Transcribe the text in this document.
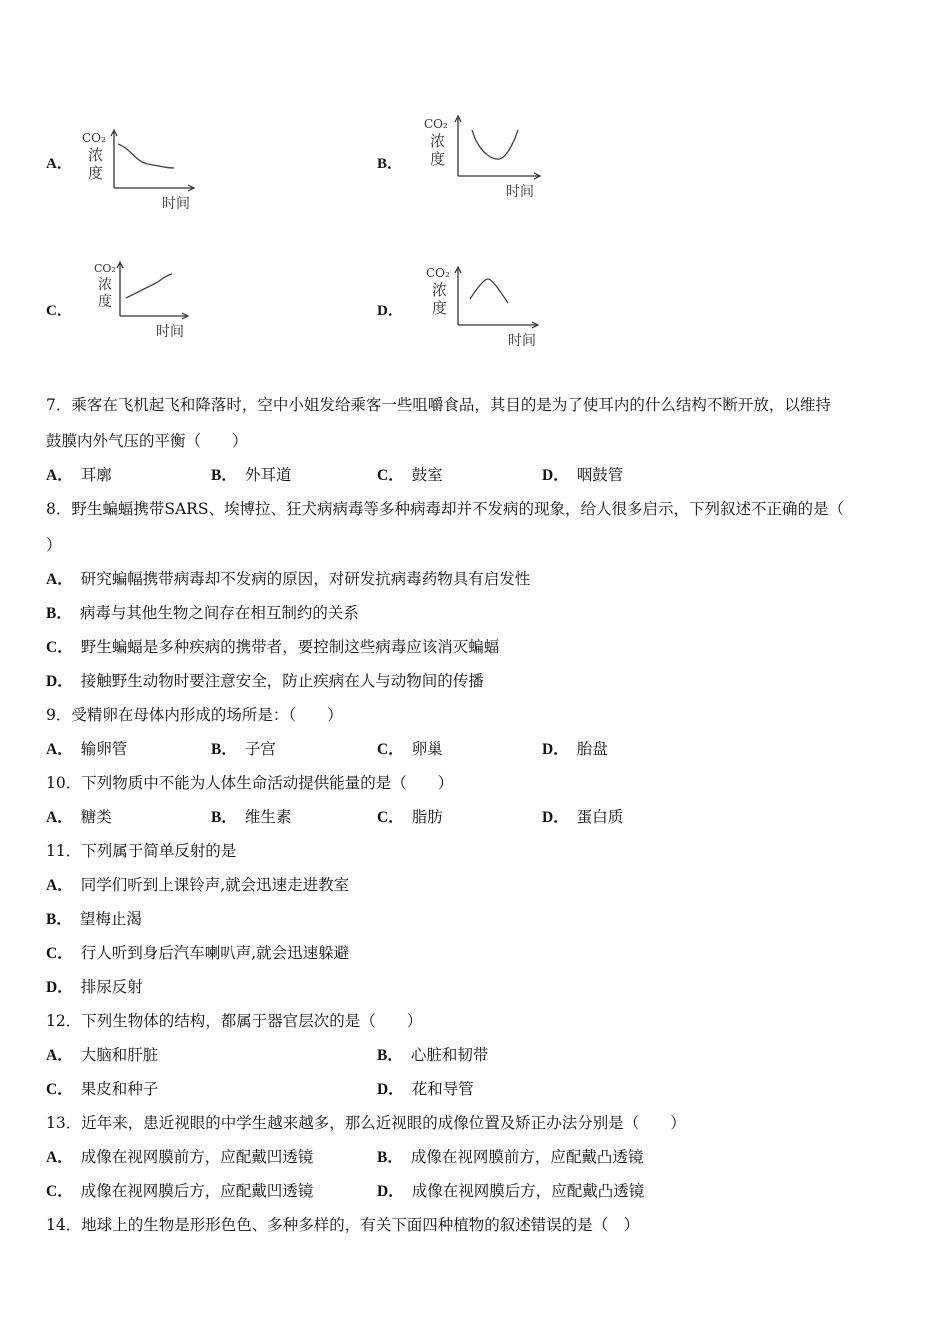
A．
CO₂
浓
度
时间
B．
CO₂
浓
度
时间
C．
CO₂
浓
度
时间
D．
CO₂
浓
度
时间
7．乘客在飞机起飞和降落时，空中小姐发给乘客一些咀嚼食品，其目的是为了使耳内的什么结构不断开放，以维持
鼓膜内外气压的平衡（　　）
A． 耳廓	B． 外耳道	C． 鼓室	D． 咽鼓管
8．野生蝙蝠携带SARS、埃博拉、狂犬病病毒等多种病毒却并不发病的现象，给人很多启示，下列叙述不正确的是（
）
A． 研究蝙幅携带病毒却不发病的原因，对研发抗病毒药物具有启发性
B． 病毒与其他生物之间存在相互制约的关系
C． 野生蝙蝠是多种疾病的携带者，要控制这些病毒应该消灭蝙蝠
D． 接触野生动物时要注意安全，防止疾病在人与动物间的传播
9．受精卵在母体内形成的场所是：（　　）
A． 输卵管	B． 子宫	C． 卵巢	D． 胎盘
10．下列物质中不能为人体生命活动提供能量的是（　　）
A． 糖类	B． 维生素	C． 脂肪	D． 蛋白质
11．下列属于简单反射的是
A． 同学们听到上课铃声,就会迅速走进教室
B． 望梅止渴
C． 行人听到身后汽车喇叭声,就会迅速躲避
D． 排尿反射
12．下列生物体的结构，都属于器官层次的是（　　）
A． 大脑和肝脏	B． 心脏和韧带
C． 果皮和种子	D． 花和导管
13．近年来，患近视眼的中学生越来越多，那么近视眼的成像位置及矫正办法分别是（　　）
A． 成像在视网膜前方，应配戴凹透镜	B． 成像在视网膜前方，应配戴凸透镜
C． 成像在视网膜后方，应配戴凹透镜	D． 成像在视网膜后方，应配戴凸透镜
14．地球上的生物是形形色色、多种多样的，有关下面四种植物的叙述错误的是（　）
